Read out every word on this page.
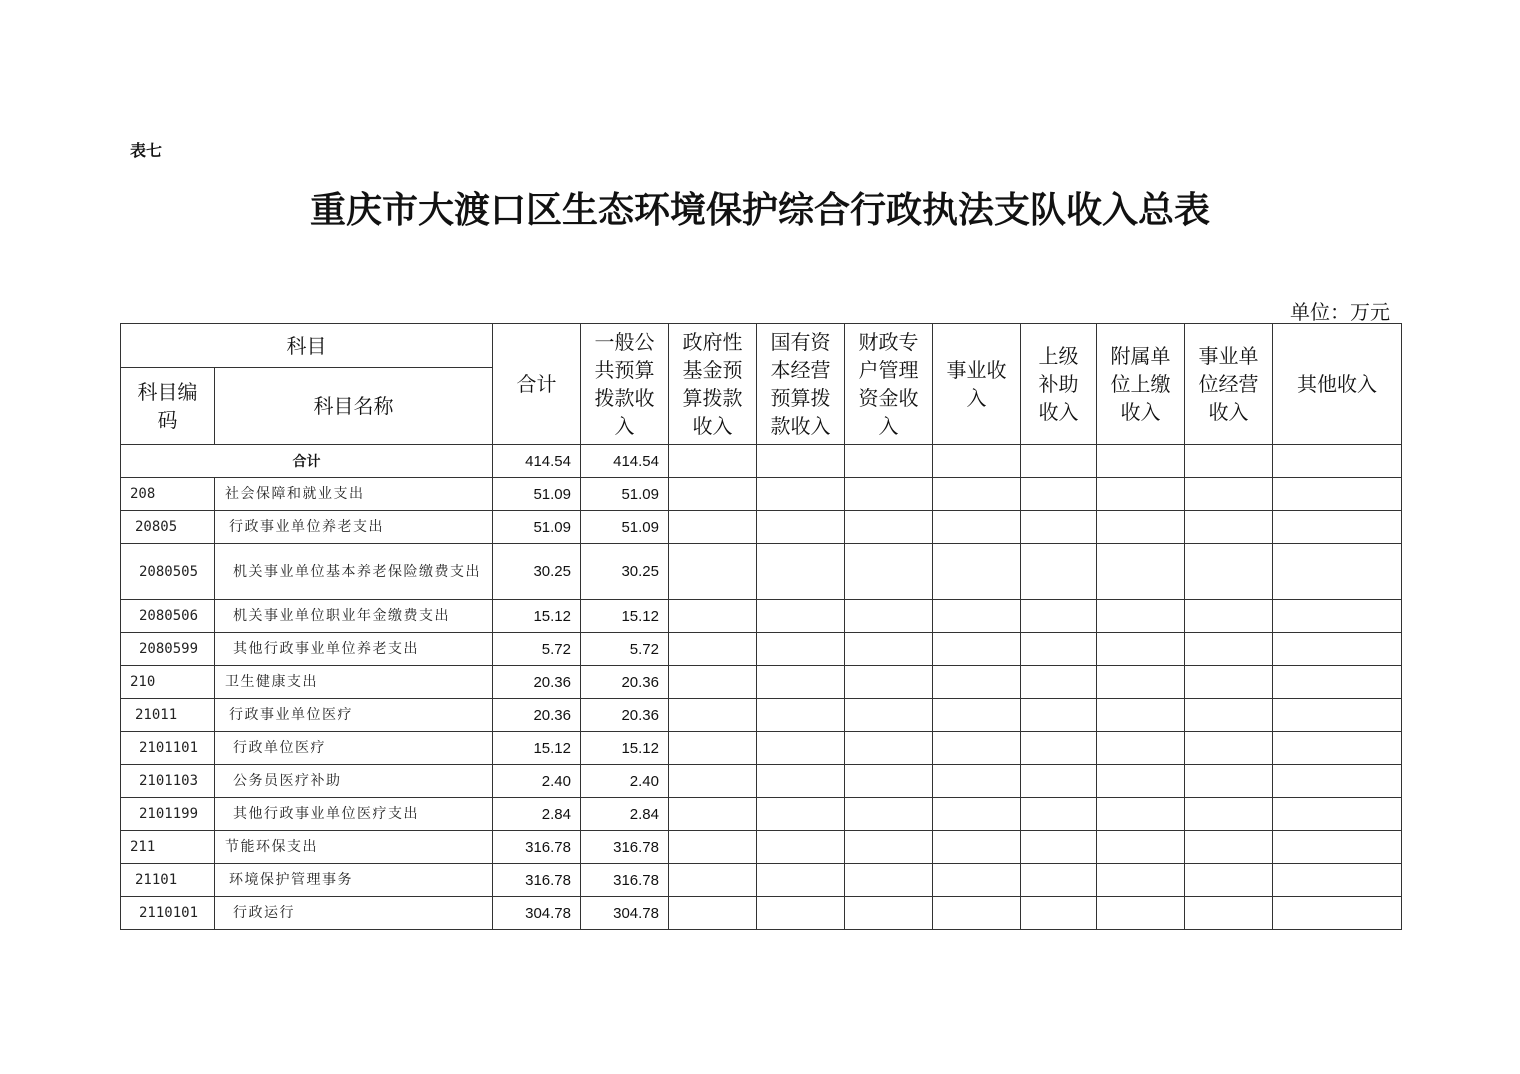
表七
重庆市大渡口区生态环境保护综合行政执法支队收入总表
单位：万元
科目		合计	一般公共预算拨款收入	政府性基金预算拨款收入	国有资本经营预算拨款收入	财政专户管理资金收入	事业收入	上级补助收入	附属单位上缴收入	事业单位经营收入	其他收入

科目编码	科目名称										
合计		414.54	414.54								
208	社会保障和就业支出	51.09	51.09								
20805	行政事业单位养老支出	51.09	51.09								
2080505	机关事业单位基本养老保险缴费支出	30.25	30.25								
2080506	机关事业单位职业年金缴费支出	15.12	15.12								
2080599	其他行政事业单位养老支出	5.72	5.72								
210	卫生健康支出	20.36	20.36								
21011	行政事业单位医疗	20.36	20.36								
2101101	行政单位医疗	15.12	15.12								
2101103	公务员医疗补助	2.40	2.40								
2101199	其他行政事业单位医疗支出	2.84	2.84								
211	节能环保支出	316.78	316.78								
21101	环境保护管理事务	316.78	316.78								
2110101	行政运行	304.78	304.78								
